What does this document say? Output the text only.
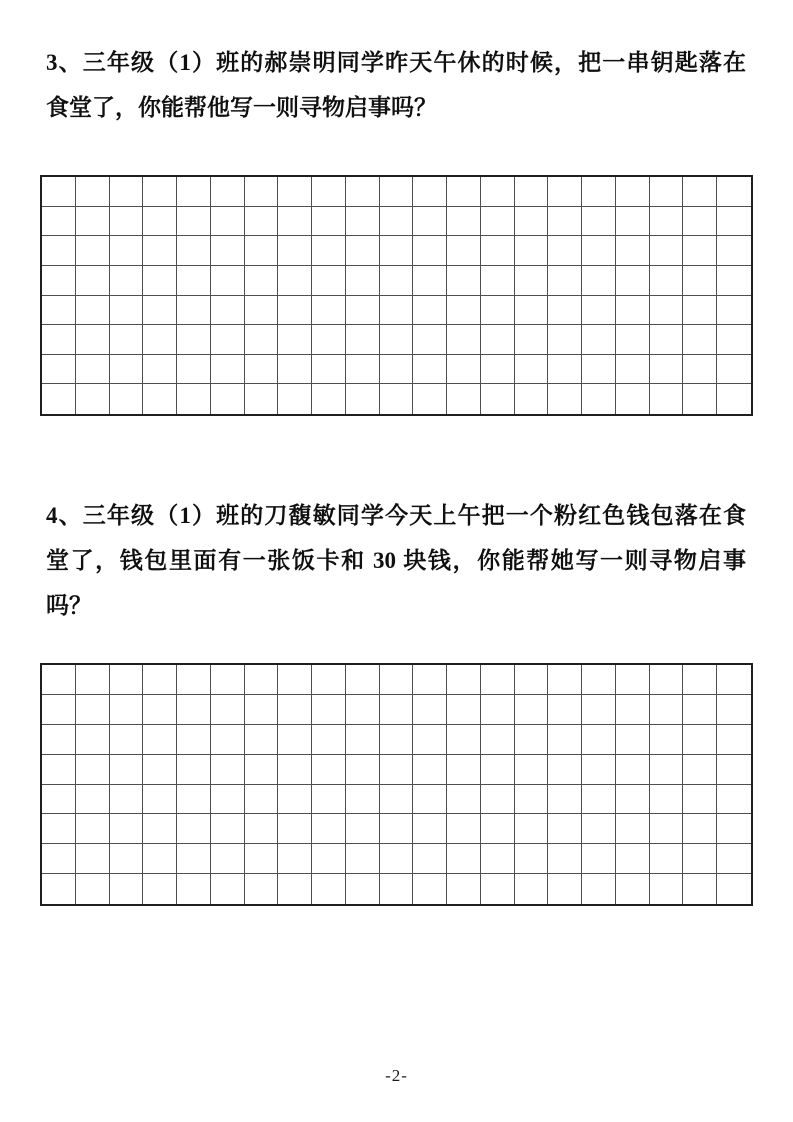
3、三年级（1）班的郝崇明同学昨天午休的时候，把一串钥匙落在
食堂了，你能帮他写一则寻物启事吗？
4、三年级（1）班的刀馥敏同学今天上午把一个粉红色钱包落在食
堂了，钱包里面有一张饭卡和 30 块钱，你能帮她写一则寻物启事
吗？
-2-
